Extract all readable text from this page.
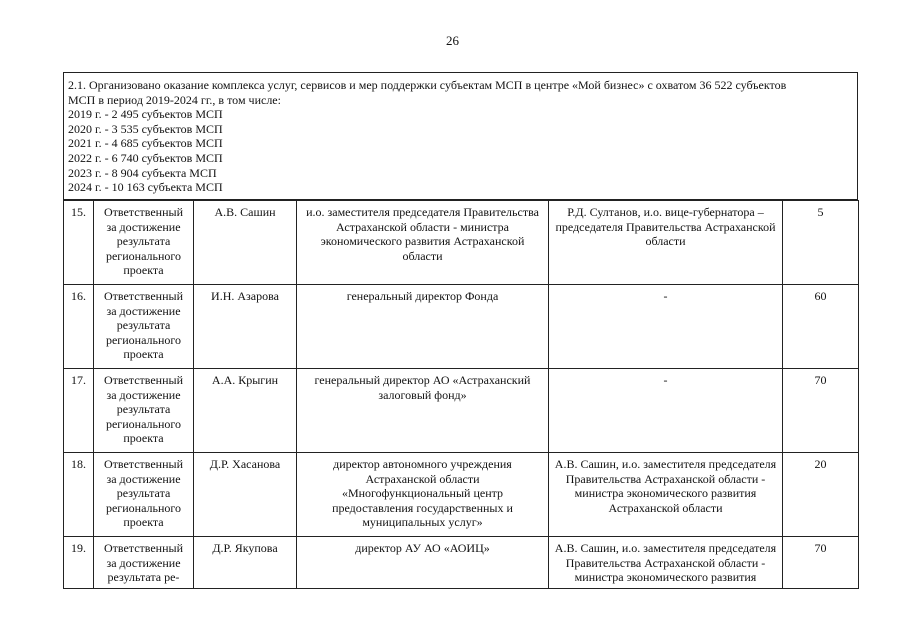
26
2.1. Организовано оказание комплекса услуг, сервисов и мер поддержки субъектам МСП в центре «Мой бизнес» с охватом 36 522 субъектов
МСП в период 2019-2024 гг., в том числе:
2019 г. - 2 495 субъектов МСП
2020 г. - 3 535 субъектов МСП
2021 г. - 4 685 субъектов МСП
2022 г. - 6 740 субъектов МСП
2023 г. - 8 904 субъекта МСП
2024 г. - 10 163 субъекта МСП
15.	Ответственный за достижение результата регионального проекта	А.В. Сашин	и.о. заместителя председателя Правительства Астраханской области - министра экономического развития Астраханской области	Р.Д. Султанов, и.о. вице-губернатора – председателя Правительства Астраханской области	5
16.	Ответственный за достижение результата регионального проекта	И.Н. Азарова	генеральный директор Фонда	-	60
17.	Ответственный за достижение результата регионального проекта	А.А. Крыгин	генеральный директор АО «Астраханский залоговый фонд»	-	70
18.	Ответственный за достижение результата регионального проекта	Д.Р. Хасанова	директор автономного учреждения Астраханской области «Многофункциональный центр предоставления государственных и муниципальных услуг»	А.В. Сашин, и.о. заместителя председателя Правительства Астраханской области - министра экономического развития Астраханской области	20
19.	Ответственный за достижение результата ре-	Д.Р. Якупова	директор АУ АО «АОИЦ»	А.В. Сашин, и.о. заместителя председателя Правительства Астраханской области - министра экономического развития	70
